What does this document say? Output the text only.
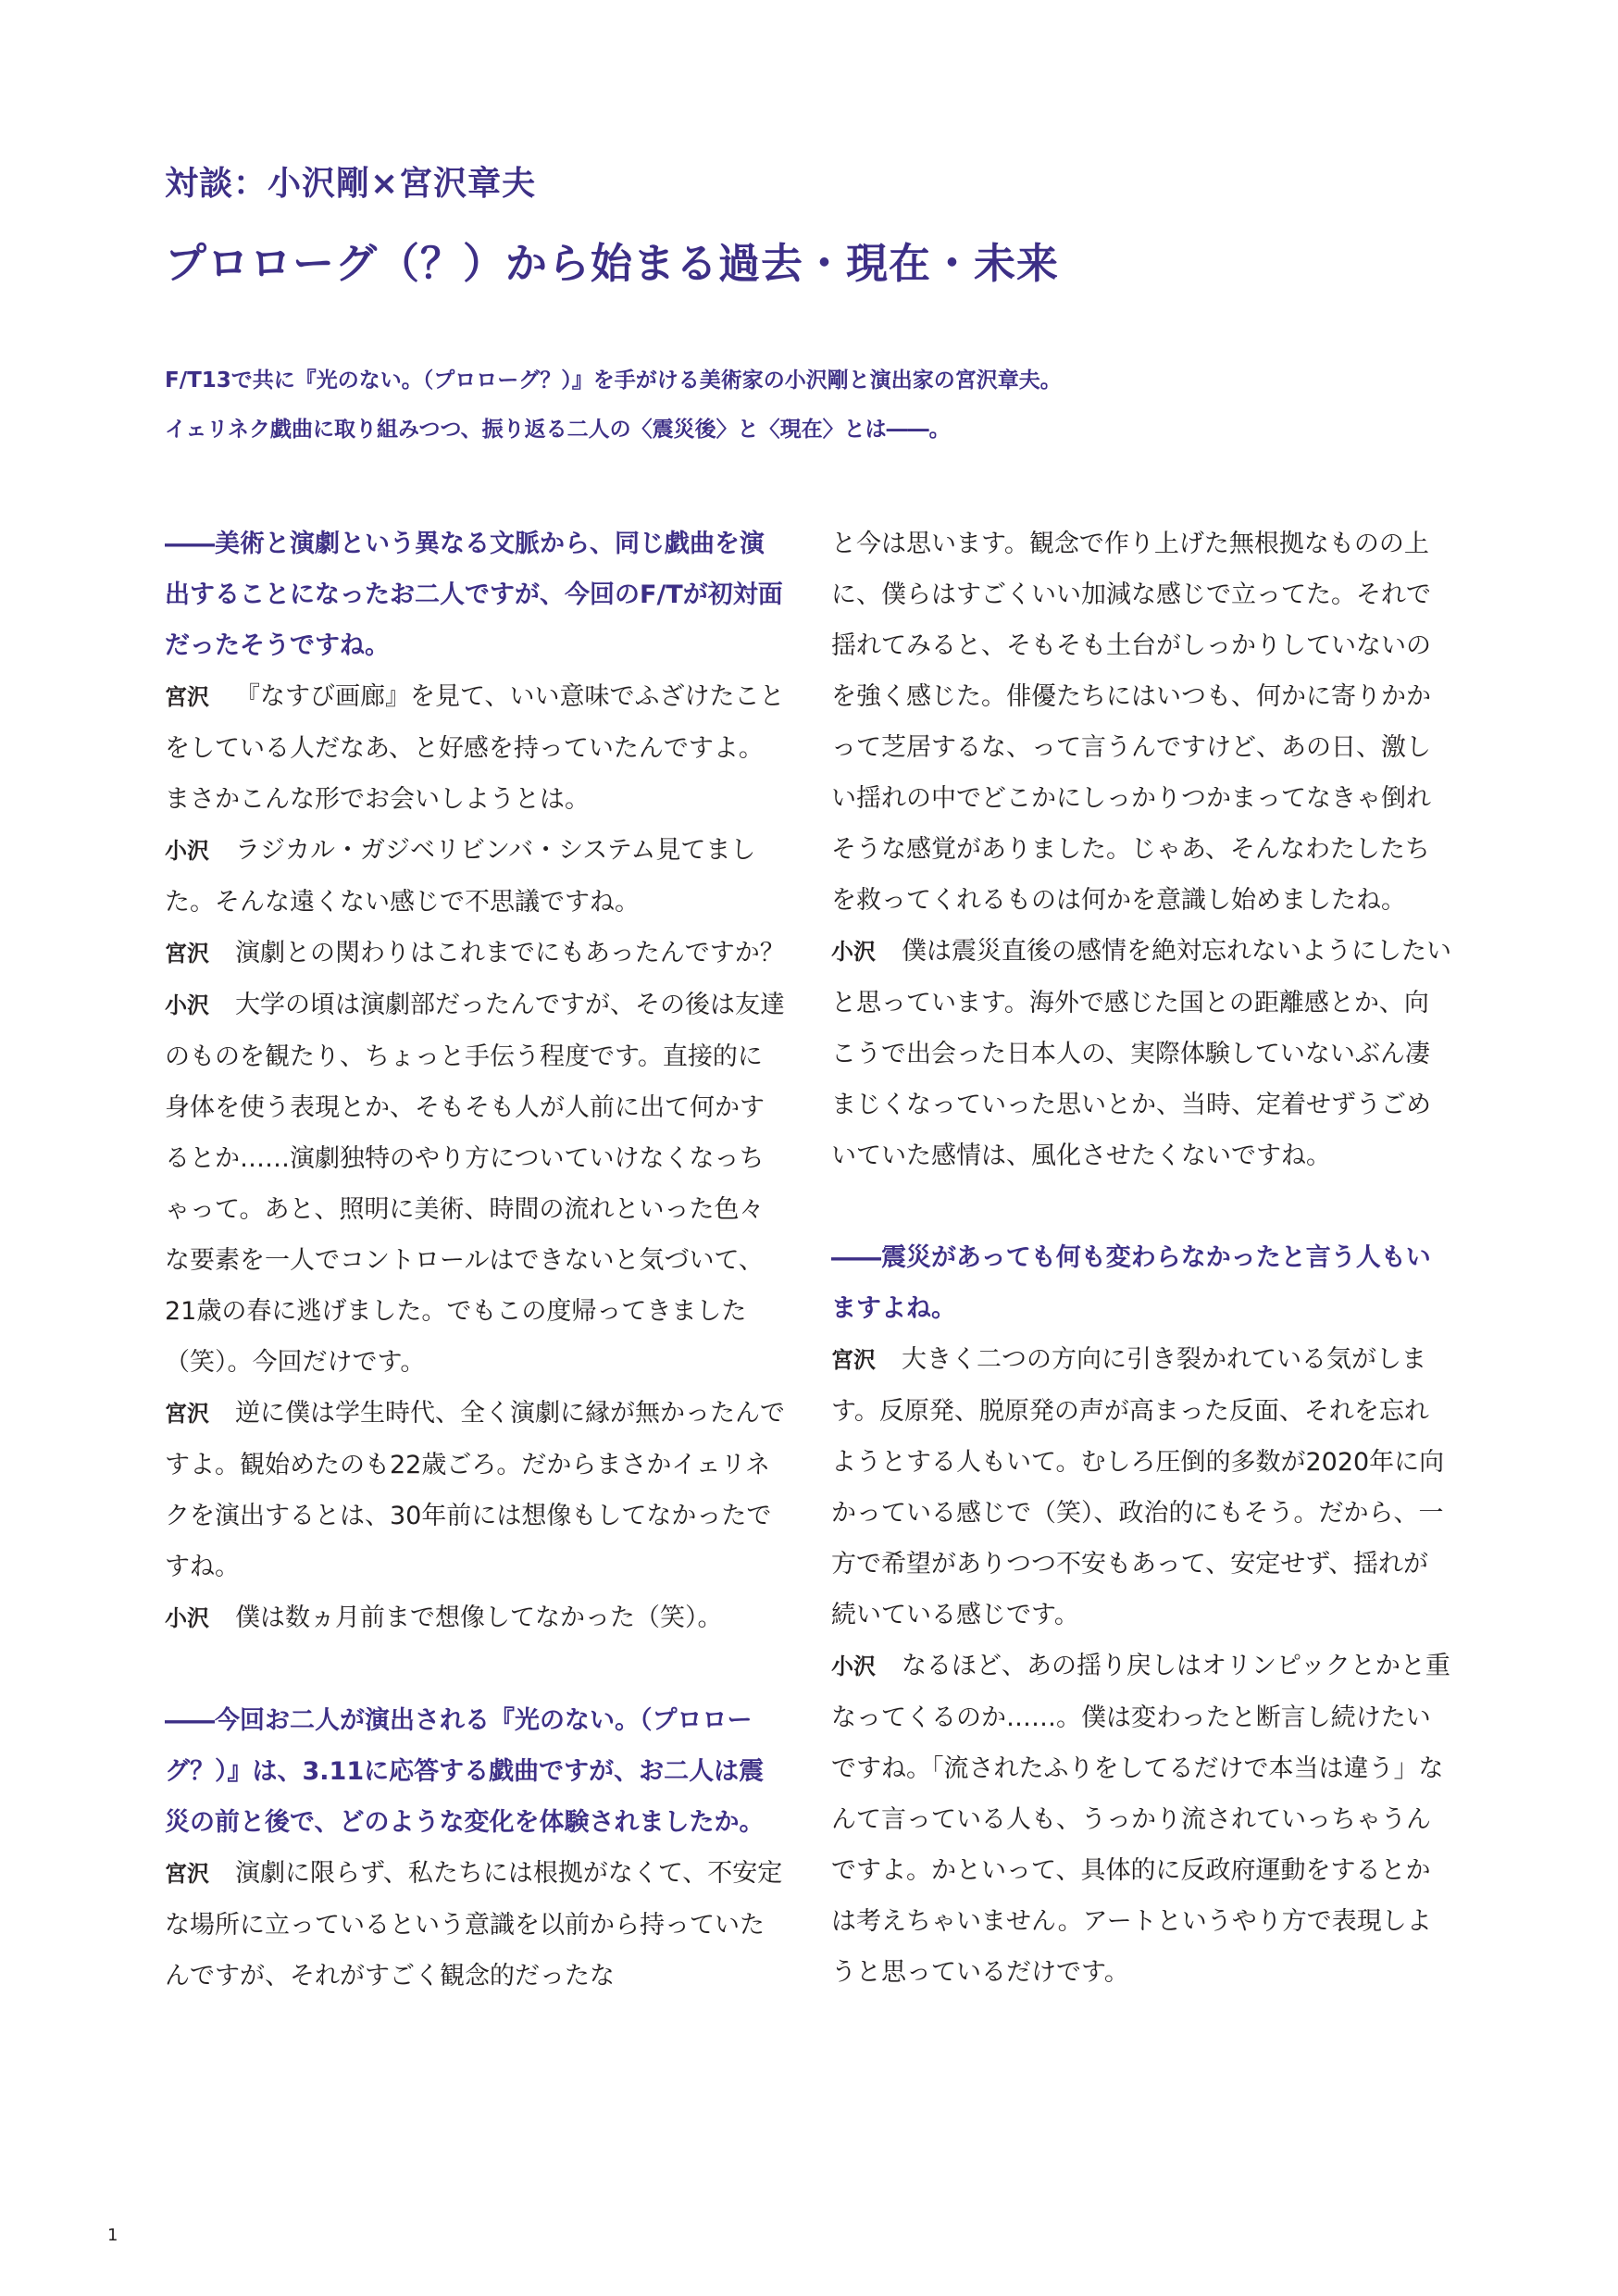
対談：小沢剛×宮沢章夫
プロローグ（？）から始まる過去・現在・未来
F/T13で共に『光のない。（プロローグ？）』を手がける美術家の小沢剛と演出家の宮沢章夫。
イェリネク戯曲に取り組みつつ、振り返る二人の〈震災後〉と〈現在〉とは――。

――美術と演劇という異なる文脈から、同じ戯曲を演出することになったお二人ですが、今回のF/Tが初対面だったそうですね。

宮沢 『なすび画廊』を見て、いい意味でふざけたことをしている人だなあ、と好感を持っていたんですよ。まさかこんな形でお会いしようとは。

小沢 ラジカル・ガジベリビンバ・システム見てました。そんな遠くない感じで不思議ですね。

宮沢 演劇との関わりはこれまでにもあったんですか？

小沢 大学の頃は演劇部だったんですが、その後は友達のものを観たり、ちょっと手伝う程度です。直接的に身体を使う表現とか、そもそも人が人前に出て何かするとか……演劇独特のやり方についていけなくなっちゃって。あと、照明に美術、時間の流れといった色々な要素を一人でコントロールはできないと気づいて、21歳の春に逃げました。でもこの度帰ってきました（笑）。今回だけです。

宮沢 逆に僕は学生時代、全く演劇に縁が無かったんですよ。観始めたのも22歳ごろ。だからまさかイェリネクを演出するとは、30年前には想像もしてなかったですね。

小沢 僕は数ヵ月前まで想像してなかった（笑）。

――今回お二人が演出される『光のない。（プロローグ？）』は、3.11に応答する戯曲ですが、お二人は震災の前と後で、どのような変化を体験されましたか。

宮沢 演劇に限らず、私たちには根拠がなくて、不安定な場所に立っているという意識を以前から持っていたんですが、それがすごく観念的だったな

と今は思います。観念で作り上げた無根拠なものの上に、僕らはすごくいい加減な感じで立ってた。それで揺れてみると、そもそも土台がしっかりしていないのを強く感じた。俳優たちにはいつも、何かに寄りかかって芝居するな、って言うんですけど、あの日、激しい揺れの中でどこかにしっかりつかまってなきゃ倒れそうな感覚がありました。じゃあ、そんなわたしたちを救ってくれるものは何かを意識し始めましたね。

小沢 僕は震災直後の感情を絶対忘れないようにしたいと思っています。海外で感じた国との距離感とか、向こうで出会った日本人の、実際体験していないぶん凄まじくなっていった思いとか、当時、定着せずうごめいていた感情は、風化させたくないですね。

――震災があっても何も変わらなかったと言う人もいますよね。

宮沢 大きく二つの方向に引き裂かれている気がします。反原発、脱原発の声が高まった反面、それを忘れようとする人もいて。むしろ圧倒的多数が2020年に向かっている感じで（笑）、政治的にもそう。だから、一方で希望がありつつ不安もあって、安定せず、揺れが続いている感じです。

小沢 なるほど、あの揺り戻しはオリンピックとかと重なってくるのか……。僕は変わったと断言し続けたいですね。「流されたふりをしてるだけで本当は違う」なんて言っている人も、うっかり流されていっちゃうんですよ。かといって、具体的に反政府運動をするとかは考えちゃいません。アートというやり方で表現しようと思っているだけです。

1
